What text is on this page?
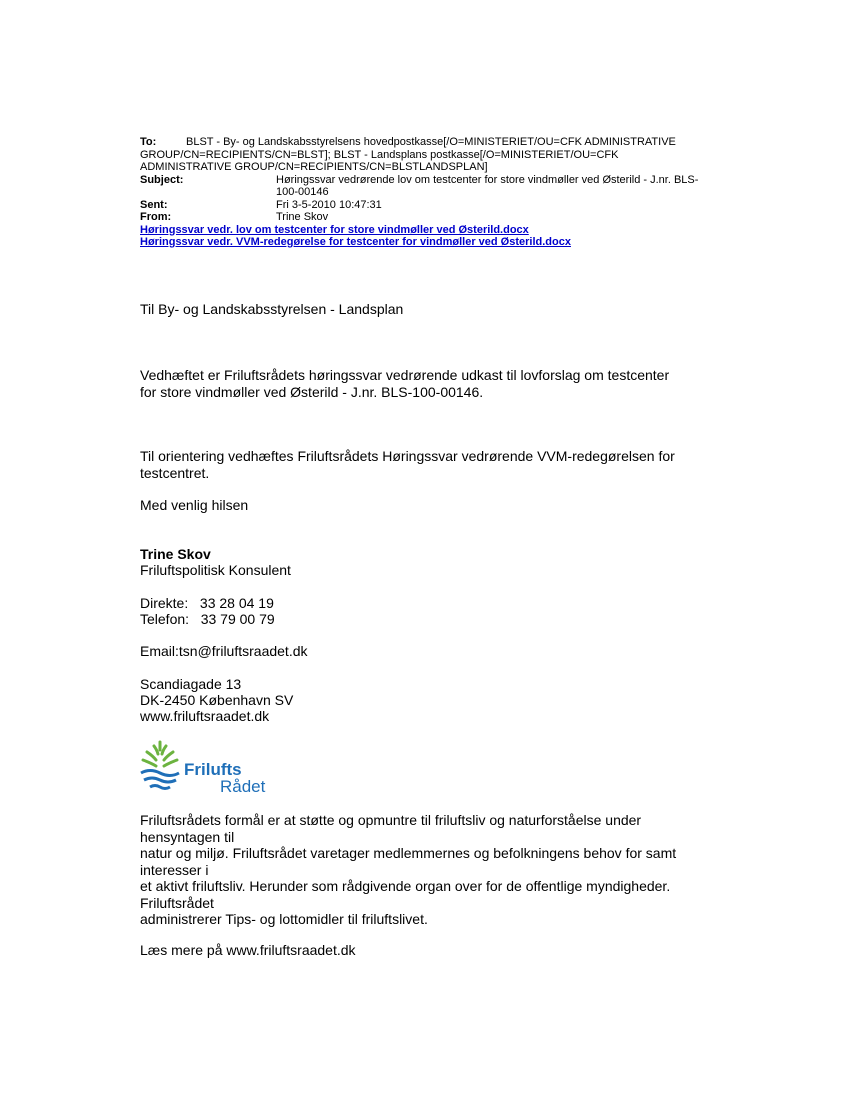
To:	BLST - By- og Landskabsstyrelsens hovedpostkasse[/O=MINISTERIET/OU=CFK ADMINISTRATIVE GROUP/CN=RECIPIENTS/CN=BLST]; BLST - Landsplans postkasse[/O=MINISTERIET/OU=CFK ADMINISTRATIVE GROUP/CN=RECIPIENTS/CN=BLSTLANDSPLAN]
Subject:	Høringssvar vedrørende lov om testcenter for store vindmøller ved Østerild - J.nr. BLS-100-00146
Sent:	Fri 3-5-2010 10:47:31
From:	Trine Skov
Høringssvar vedr. lov om testcenter for store vindmøller ved Østerild.docx
Høringssvar vedr. VVM-redegørelse for testcenter for vindmøller ved Østerild.docx

Til By- og Landskabsstyrelsen - Landsplan

Vedhæftet er Friluftsrådets høringssvar vedrørende udkast til lovforslag om testcenter for store vindmøller ved Østerild - J.nr. BLS-100-00146.

Til orientering vedhæftes Friluftsrådets Høringssvar vedrørende VVM-redegørelsen for testcentret.

Med venlig hilsen

Trine Skov

Friluftspolitisk Konsulent

Direkte:   33 28 04 19

Telefon:   33 79 00 79

Email:tsn@friluftsraadet.dk

Scandiagade 13

DK-2450 København SV

www.friluftsraadet.dk

Frilufts
Rådet

Friluftsrådets formål er at støtte og opmuntre til friluftsliv og naturforståelse under hensyntagen til

natur og miljø. Friluftsrådet varetager medlemmernes og befolkningens behov for samt interesser i

et aktivt friluftsliv. Herunder som rådgivende organ over for de offentlige myndigheder. Friluftsrådet

administrerer Tips- og lottomidler til friluftslivet.

Læs mere på www.friluftsraadet.dk
